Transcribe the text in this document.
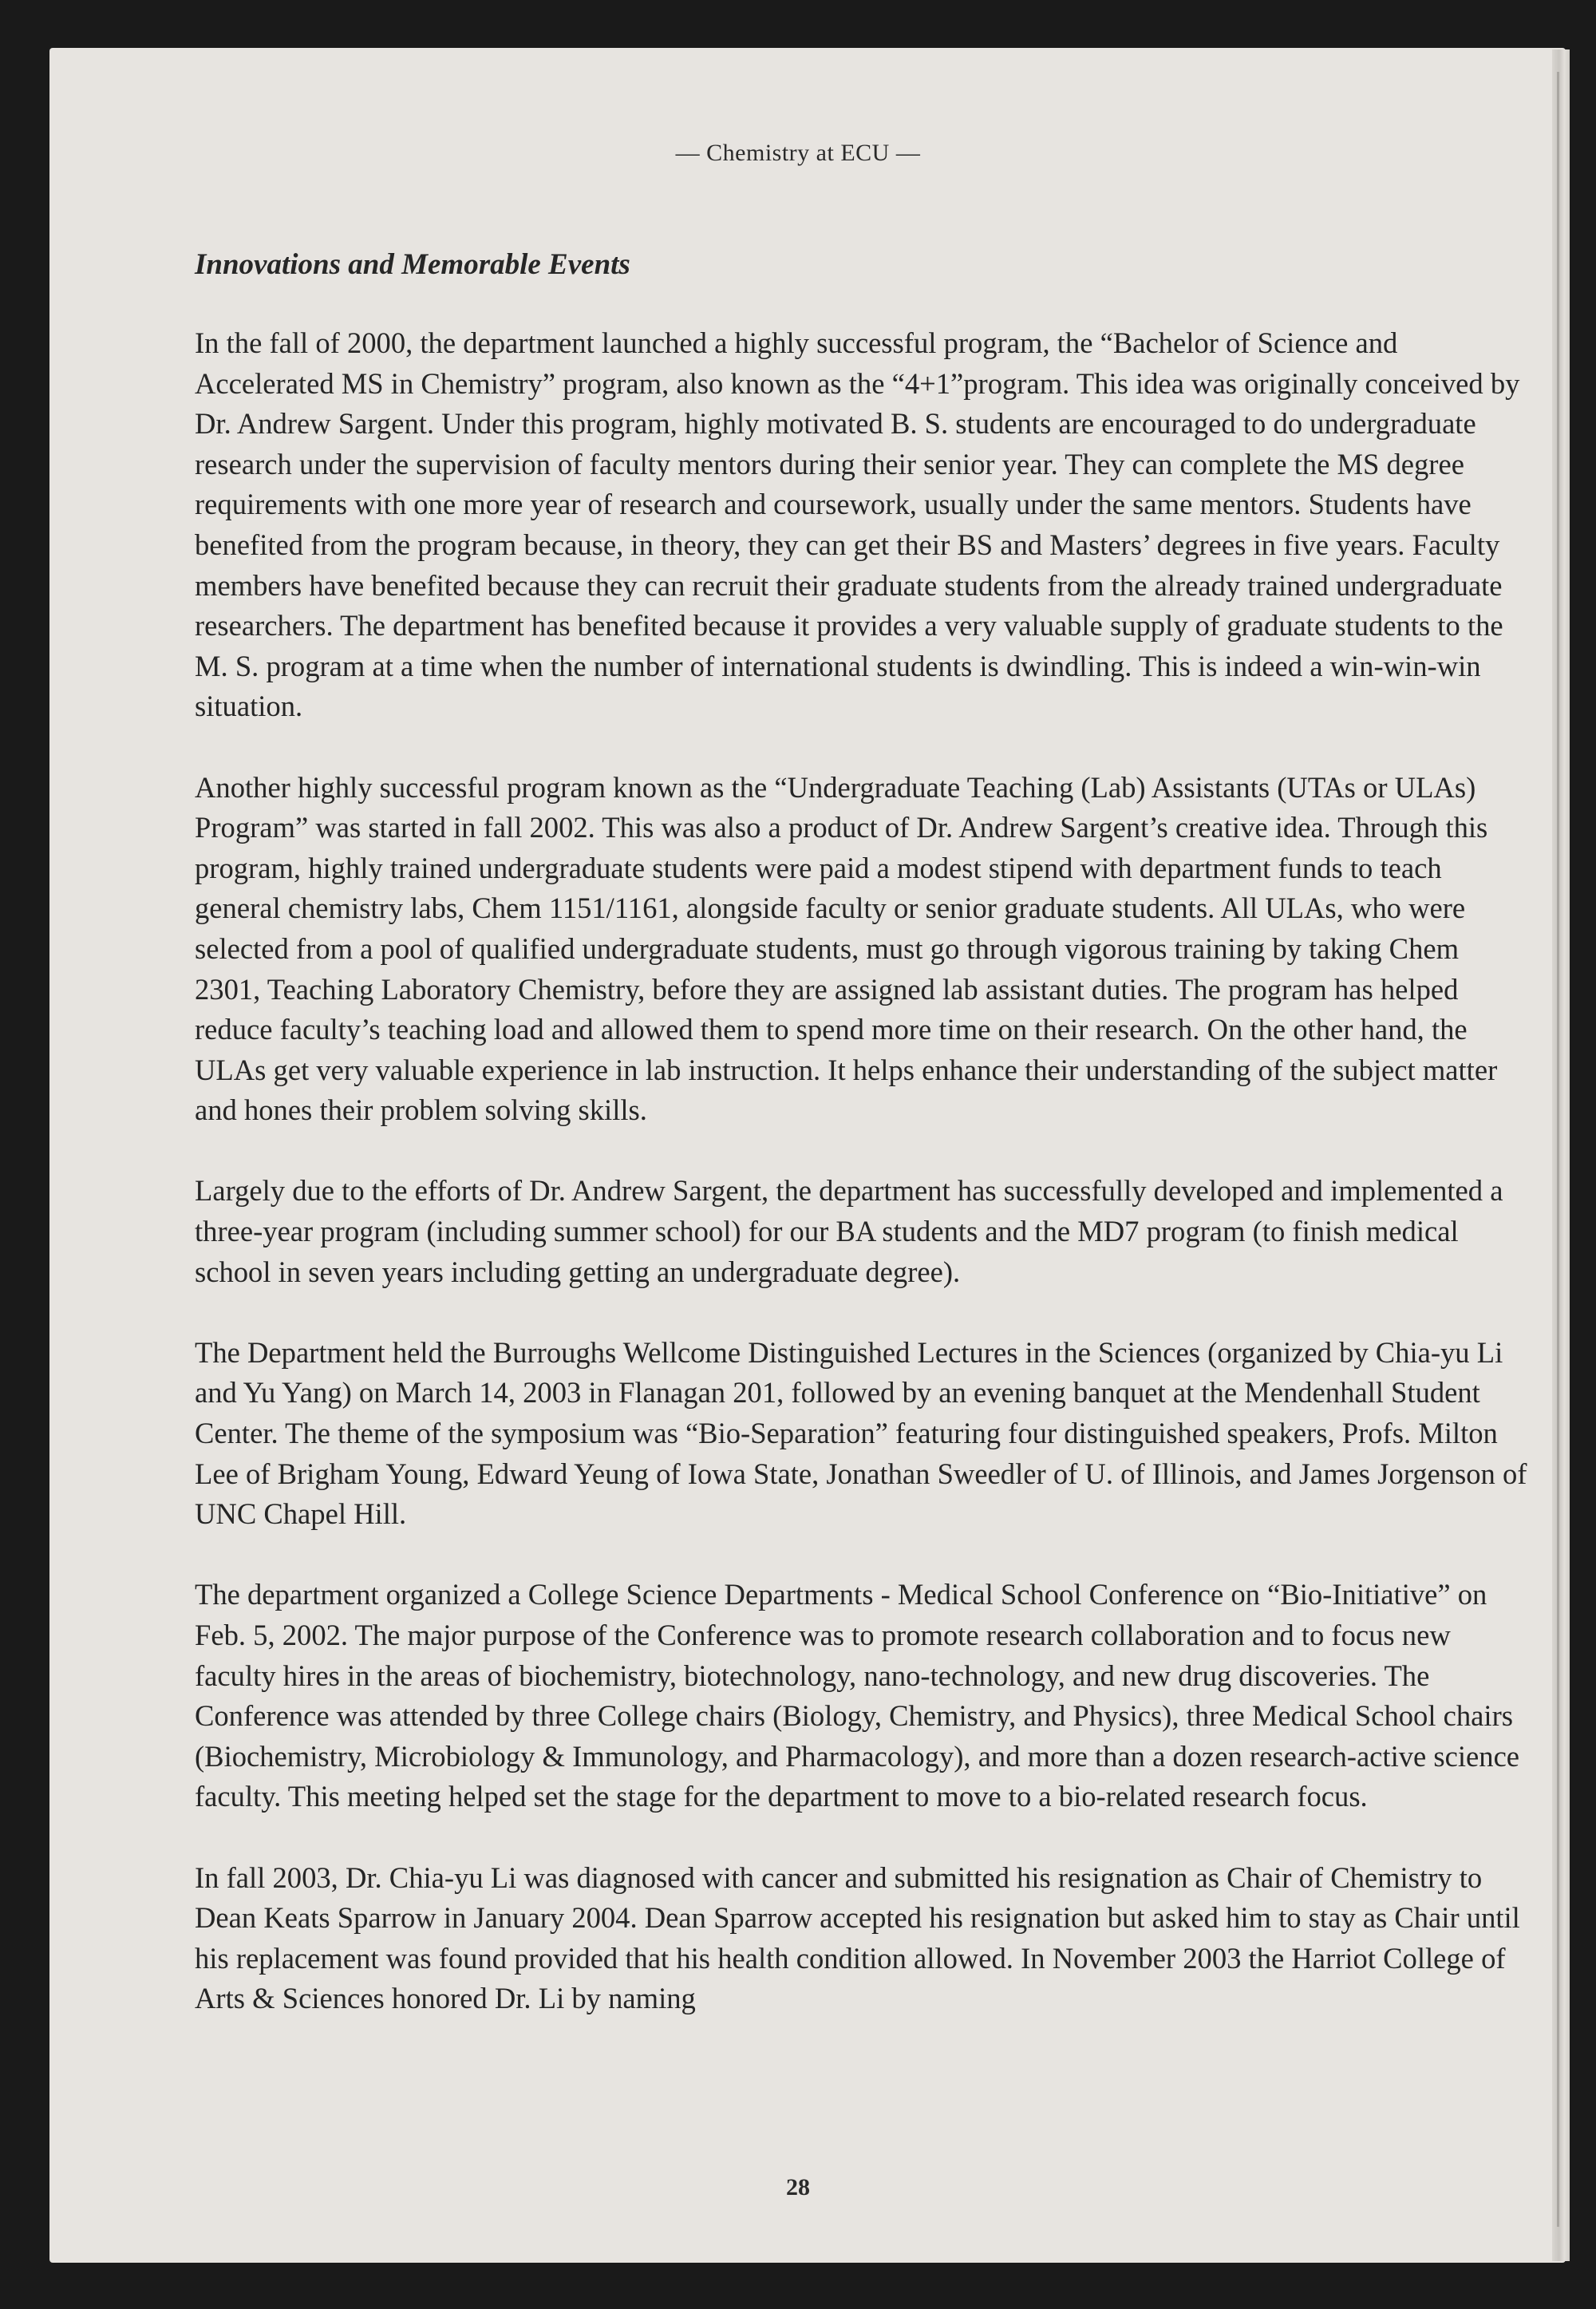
— Chemistry at ECU —
Innovations and Memorable Events

In the fall of 2000, the department launched a highly successful program, the “Bachelor of Science and Accelerated MS in Chemistry” program, also known as the “4+1”program. This idea was originally conceived by Dr. Andrew Sargent. Under this program, highly motivated B. S. students are encouraged to do undergraduate research under the supervision of faculty mentors during their senior year. They can complete the MS degree requirements with one more year of research and coursework, usually under the same mentors. Students have benefited from the program because, in theory, they can get their BS and Masters’ degrees in five years. Faculty members have benefited because they can recruit their graduate students from the already trained undergraduate researchers. The department has benefited because it provides a very valuable supply of graduate students to the M. S. program at a time when the number of international students is dwindling. This is indeed a win-win-win situation.

Another highly successful program known as the “Undergraduate Teaching (Lab) Assistants (UTAs or ULAs) Program” was started in fall 2002. This was also a product of Dr. Andrew Sargent’s creative idea. Through this program, highly trained undergraduate students were paid a modest stipend with department funds to teach general chemistry labs, Chem 1151/1161, alongside faculty or senior graduate students. All ULAs, who were selected from a pool of qualified undergraduate students, must go through vigorous training by taking Chem 2301, Teaching Laboratory Chemistry, before they are assigned lab assistant duties. The program has helped reduce faculty’s teaching load and allowed them to spend more time on their research. On the other hand, the ULAs get very valuable experience in lab instruction. It helps enhance their understanding of the subject matter and hones their problem solving skills.

Largely due to the efforts of Dr. Andrew Sargent, the department has successfully developed and implemented a three-year program (including summer school) for our BA students and the MD7 program (to finish medical school in seven years including getting an undergraduate degree).

The Department held the Burroughs Wellcome Distinguished Lectures in the Sciences (organized by Chia-yu Li and Yu Yang) on March 14, 2003 in Flanagan 201, followed by an evening banquet at the Mendenhall Student Center. The theme of the symposium was “Bio-Separation” featuring four distinguished speakers, Profs. Milton Lee of Brigham Young, Edward Yeung of Iowa State, Jonathan Sweedler of U. of Illinois, and James Jorgenson of UNC Chapel Hill.

The department organized a College Science Departments - Medical School Conference on “Bio-Initiative” on Feb. 5, 2002. The major purpose of the Conference was to promote research collaboration and to focus new faculty hires in the areas of biochemistry, biotechnology, nano-technology, and new drug discoveries. The Conference was attended by three College chairs (Biology, Chemistry, and Physics), three Medical School chairs (Biochemistry, Microbiology & Immunology, and Pharmacology), and more than a dozen research-active science faculty. This meeting helped set the stage for the department to move to a bio-related research focus.

In fall 2003, Dr. Chia-yu Li was diagnosed with cancer and submitted his resignation as Chair of Chemistry to Dean Keats Sparrow in January 2004. Dean Sparrow accepted his resignation but asked him to stay as Chair until his replacement was found provided that his health condition allowed. In November 2003 the Harriot College of Arts & Sciences honored Dr. Li by naming

28
